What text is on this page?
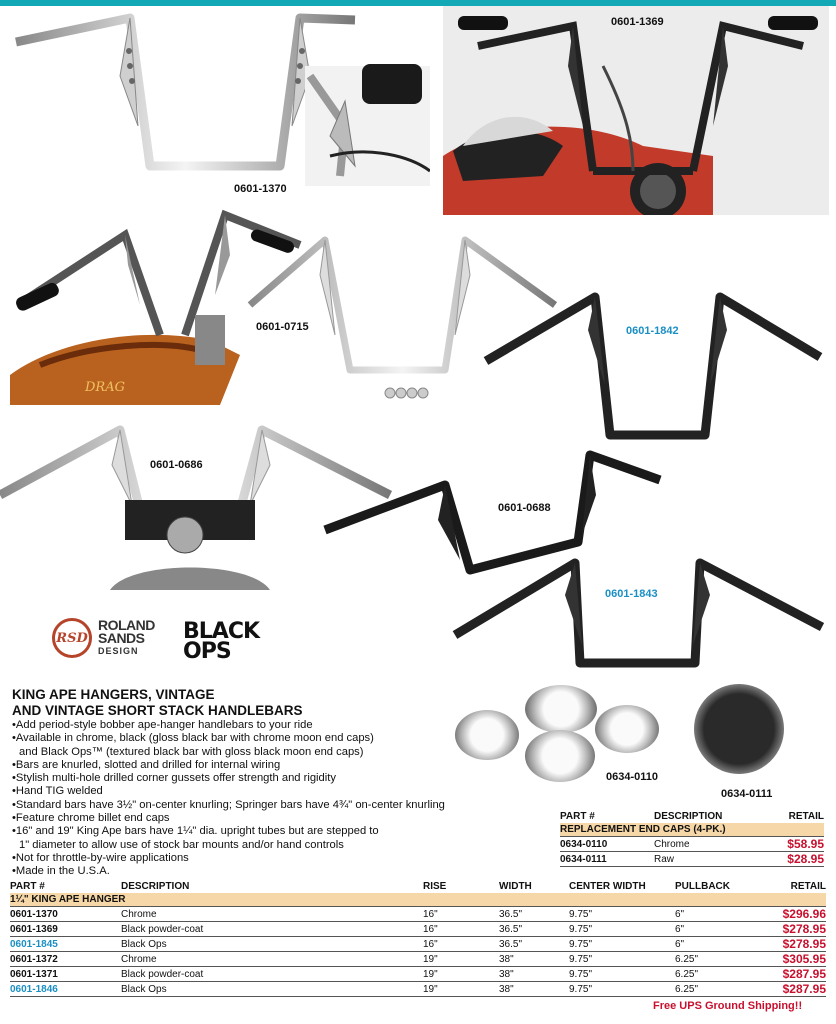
0601-1370
0601-1369
DRAG
0601-0715	0601-1842
0601-0686
0601-0688
0601-1843
RSD
ROLAND
SANDS
DESIGN
BLACK
OPS
0634-0110
0634-0111
KING APE HANGERS, VINTAGE
AND VINTAGE SHORT STACK HANDLEBARS
•Add period-style bobber ape-hanger handlebars to your ride
•Available in chrome, black (gloss black bar with chrome moon end caps)
and Black Ops™ (textured black bar with gloss black moon end caps)
•Bars are knurled, slotted and drilled for internal wiring
•Stylish multi-hole drilled corner gussets offer strength and rigidity
•Hand TIG welded
•Standard bars have 3½" on-center knurling; Springer bars have 4¾" on-center knurling
•Feature chrome billet end caps
•16" and 19" King Ape bars have 1¼" dia. upright tubes but are stepped to
1" diameter to allow use of stock bar mounts and/or hand controls
•Not for throttle-by-wire applications
•Made in the U.S.A.
PART #	DESCRIPTION	RETAIL
REPLACEMENT END CAPS (4-PK.)		
0634-0110	Chrome	$58.95
0634-0111	Raw	$28.95
PART #	DESCRIPTION	RISE	WIDTH	CENTER WIDTH	PULLBACK	RETAIL
1¼" KING APE HANGER						
0601-1370	Chrome	16"	36.5"	9.75"	6"	$296.96
0601-1369	Black powder-coat	16"	36.5"	9.75"	6"	$278.95
0601-1845	Black Ops	16"	36.5"	9.75"	6"	$278.95
0601-1372	Chrome	19"	38"	9.75"	6.25"	$305.95
0601-1371	Black powder-coat	19"	38"	9.75"	6.25"	$287.95
0601-1846	Black Ops	19"	38"	9.75"	6.25"	$287.95
Free UPS Ground Shipping!!
